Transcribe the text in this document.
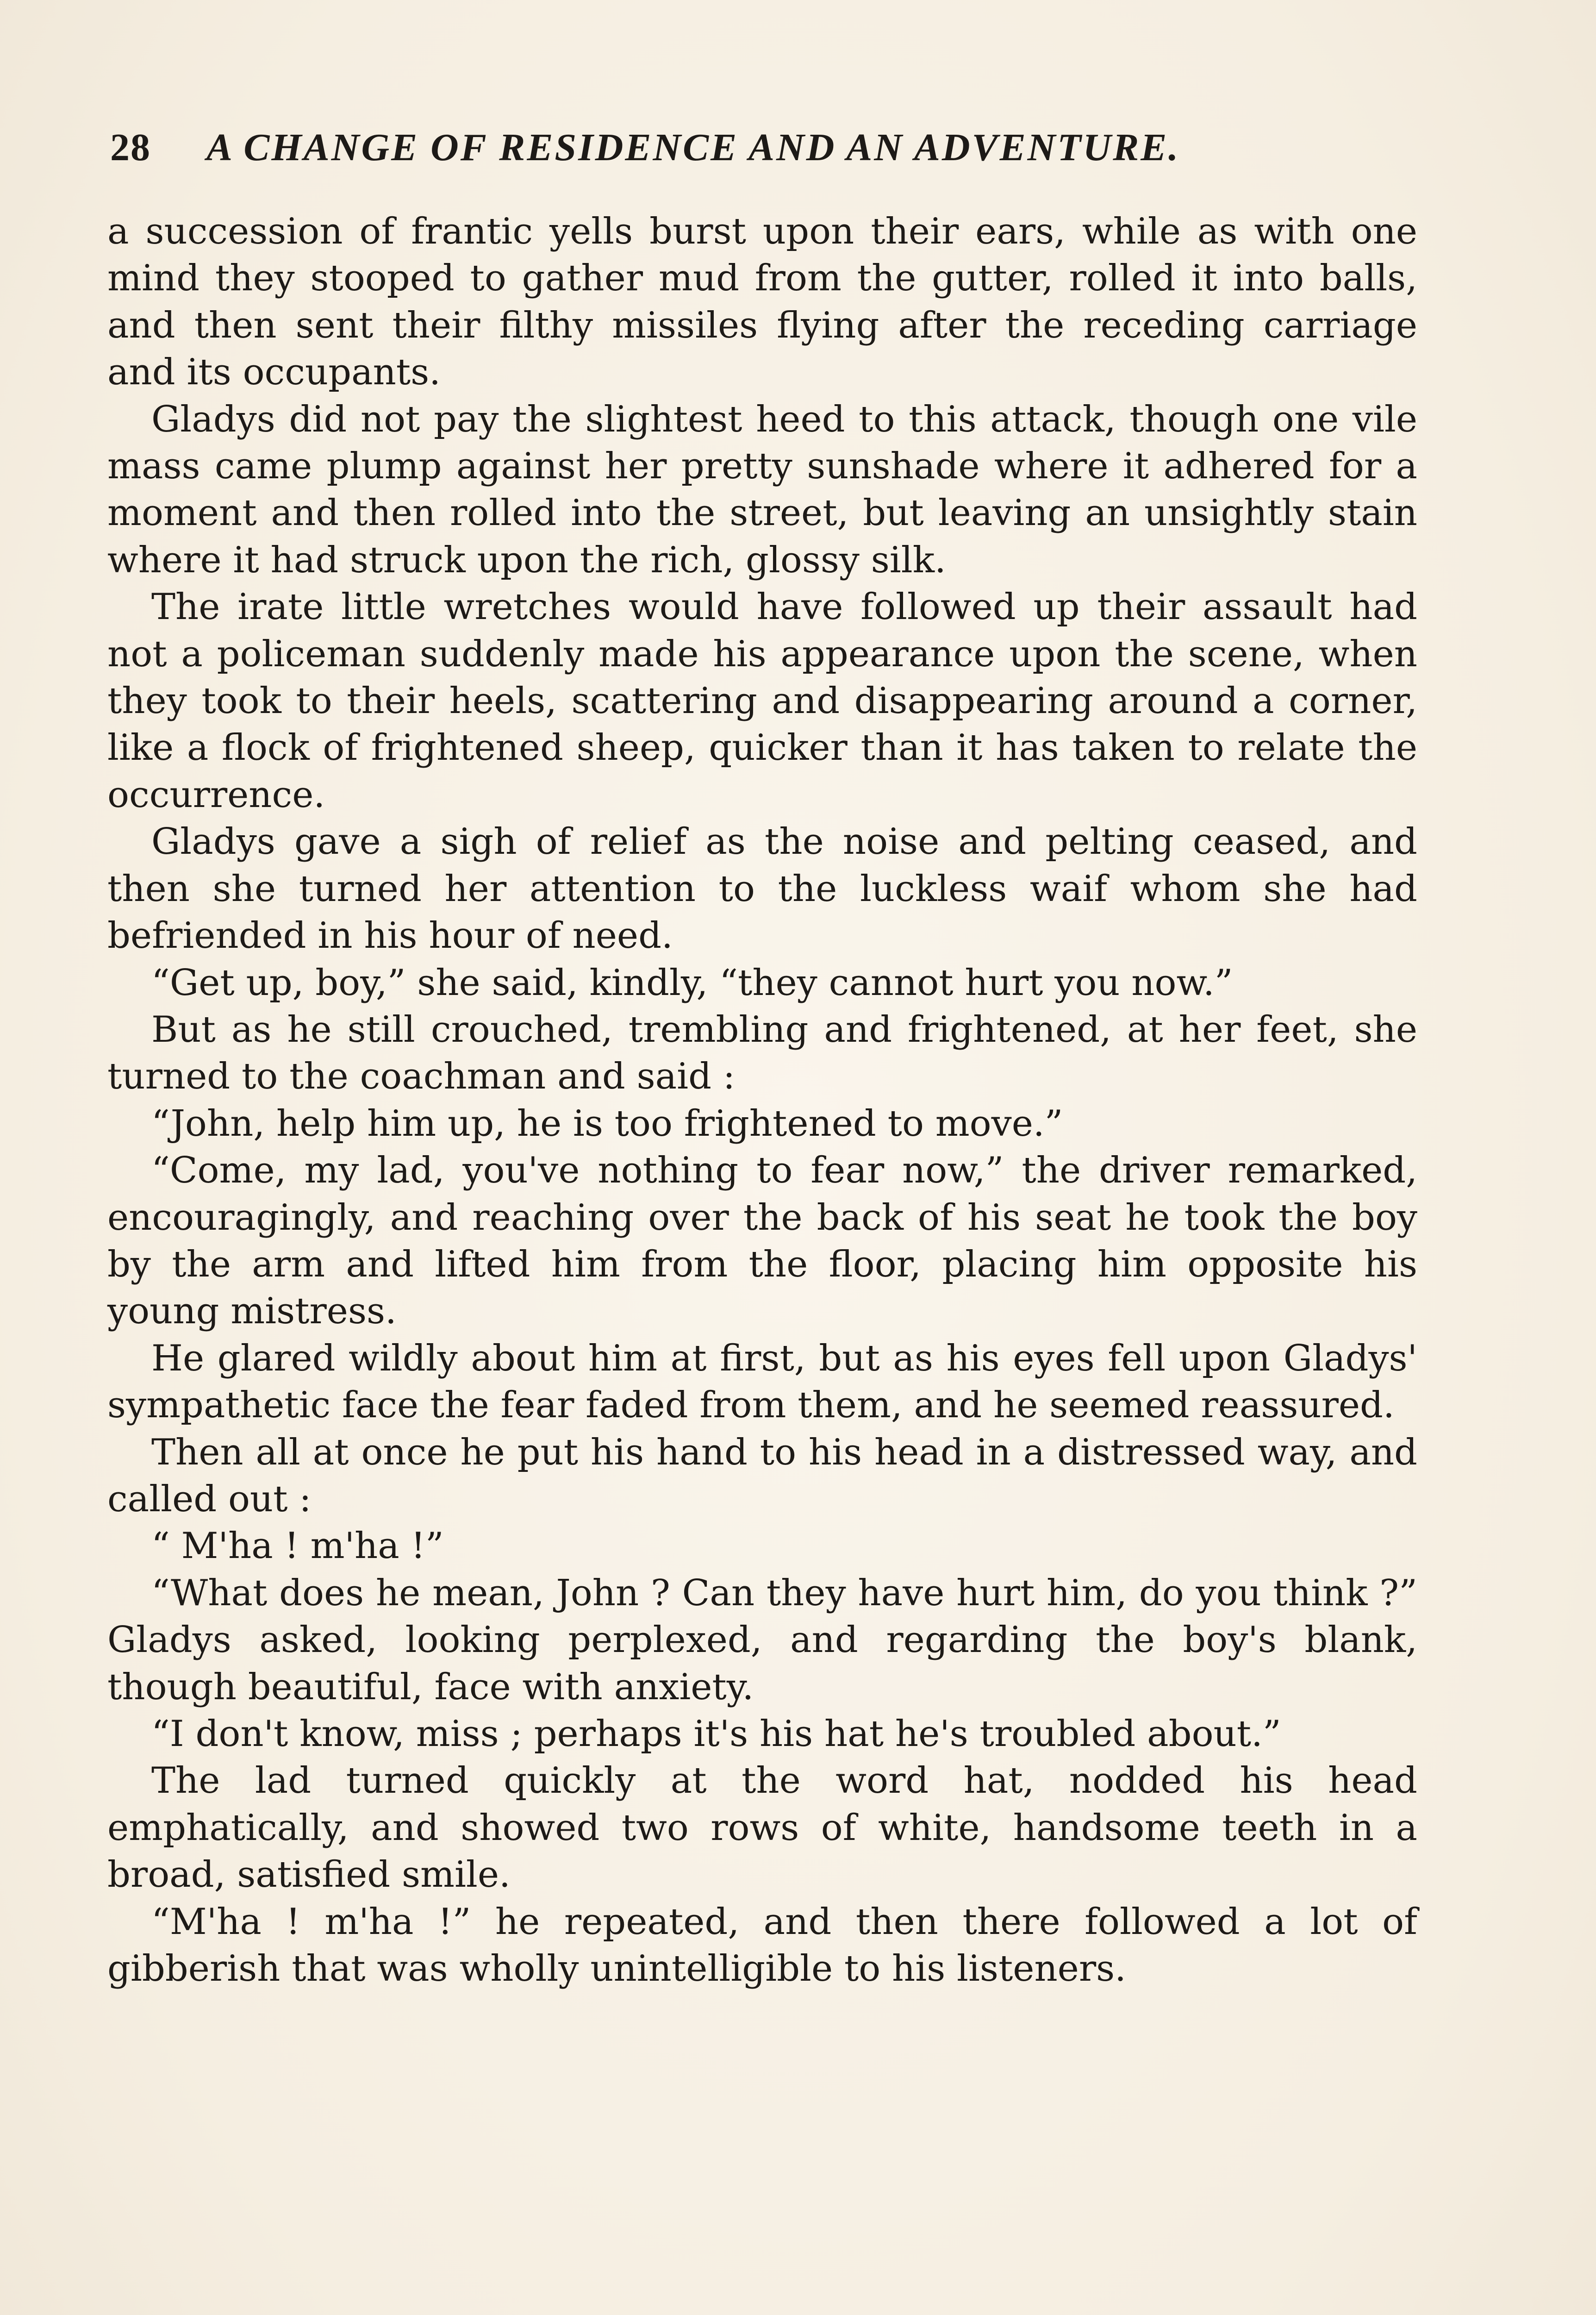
28 A CHANGE OF RESIDENCE AND AN ADVENTURE.

a succession of frantic yells burst upon their ears, while as with one mind they stooped to gather mud from the gutter, rolled it into balls, and then sent their filthy missiles flying after the receding carriage and its occupants.

Gladys did not pay the slightest heed to this attack, though one vile mass came plump against her pretty sunshade where it adhered for a moment and then rolled into the street, but leaving an unsightly stain where it had struck upon the rich, glossy silk.

The irate little wretches would have followed up their assault had not a policeman suddenly made his appearance upon the scene, when they took to their heels, scattering and disappearing around a corner, like a flock of frightened sheep, quicker than it has taken to relate the occurrence.

Gladys gave a sigh of relief as the noise and pelting ceased, and then she turned her attention to the luckless waif whom she had befriended in his hour of need.

“Get up, boy,” she said, kindly, “they cannot hurt you now.”

But as he still crouched, trembling and frightened, at her feet, she turned to the coachman and said :

“John, help him up, he is too frightened to move.”

“Come, my lad, you've nothing to fear now,” the driver remarked, encouragingly, and reaching over the back of his seat he took the boy by the arm and lifted him from the floor, placing him opposite his young mistress.

He glared wildly about him at first, but as his eyes fell upon Gladys' sympathetic face the fear faded from them, and he seemed reassured.

Then all at once he put his hand to his head in a distressed way, and called out :

“ M'ha ! m'ha !”

“What does he mean, John ? Can they have hurt him, do you think ?” Gladys asked, looking perplexed, and regarding the boy's blank, though beautiful, face with anxiety.

“I don't know, miss ; perhaps it's his hat he's troubled about.”

The lad turned quickly at the word hat, nodded his head emphatically, and showed two rows of white, handsome teeth in a broad, satisfied smile.

“M'ha ! m'ha !” he repeated, and then there followed a lot of gibberish that was wholly unintelligible to his listeners.
